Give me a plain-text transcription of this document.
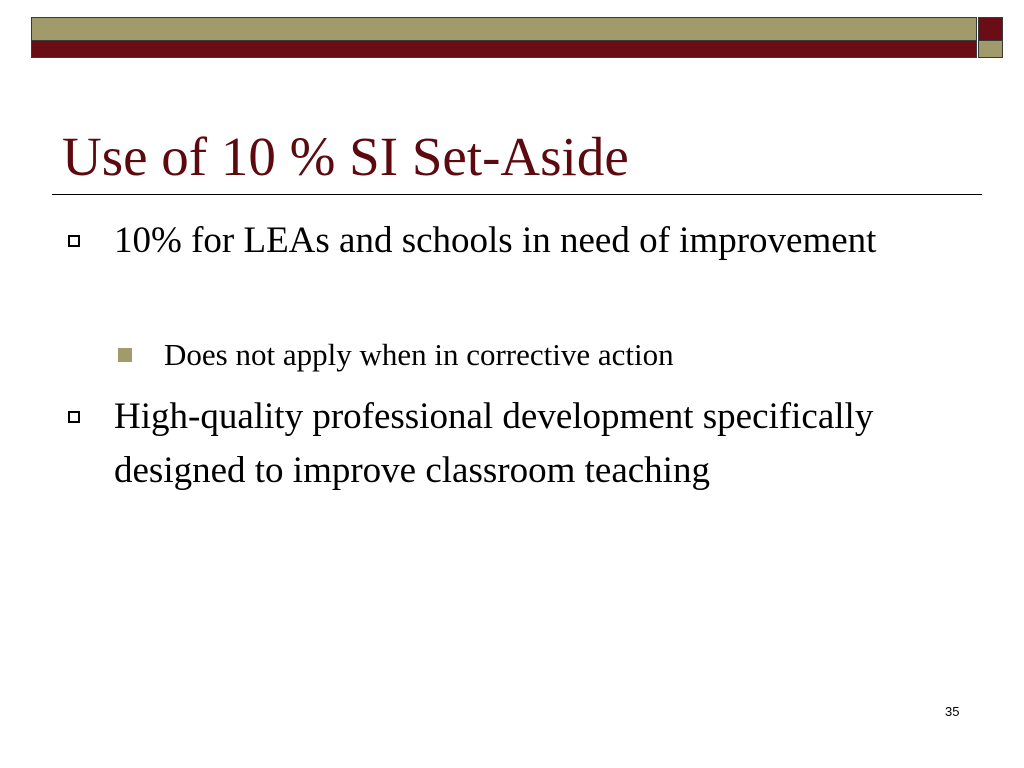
Use of 10 % SI Set-Aside
10% for LEAs and schools in need of improvement
Does not apply when in corrective action
High-quality professional development specifically designed to improve classroom teaching
35
